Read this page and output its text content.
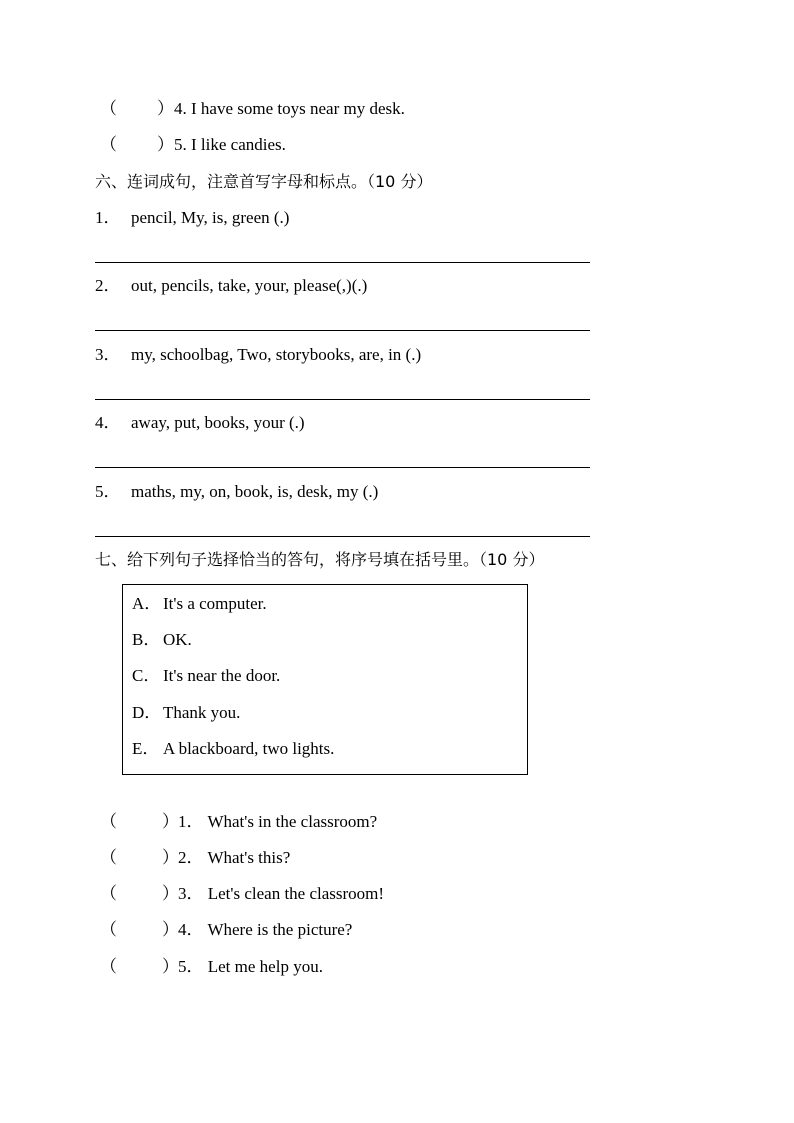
（ ）4. I have some toys near my desk.
（ ）5. I like candies.
六、连词成句，注意首写字母和标点。（10 分）
1． pencil, My, is, green (.)
2． out, pencils, take, your, please(,)(.)
3． my, schoolbag, Two, storybooks, are, in (.)
4． away, put, books, your (.)
5． maths, my, on, book, is, desk, my (.)
七、给下列句子选择恰当的答句，将序号填在括号里。（10 分）
A． It's a computer.
B． OK.
C． It's near the door.
D． Thank you.
E． A blackboard, two lights.
（	） 1． What's in the classroom?
（	） 2． What's this?
（	） 3． Let's clean the classroom!
（	） 4． Where is the picture?
（	） 5． Let me help you.
